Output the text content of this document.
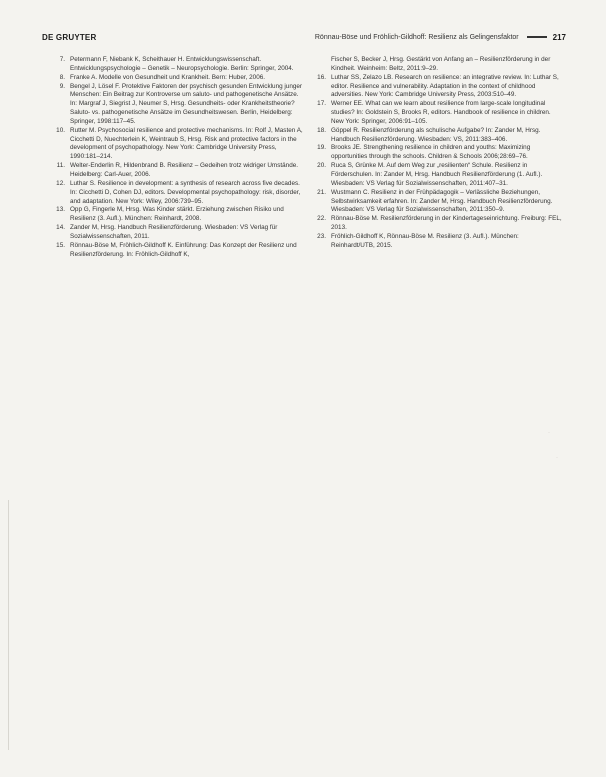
DE GRUYTER	Rönnau-Böse und Fröhlich-Gildhoff: Resilienz als Gelingensfaktor	217
7. Petermann F, Niebank K, Scheithauer H. Entwicklungswissenschaft. Entwicklungspsychologie – Genetik – Neuropsychologie. Berlin: Springer, 2004.
8. Franke A. Modelle von Gesundheit und Krankheit. Bern: Huber, 2006.
9. Bengel J, Lösel F. Protektive Faktoren der psychisch gesunden Entwicklung junger Menschen: Ein Beitrag zur Kontroverse um saluto- und pathogenetische Ansätze. In: Margraf J, Siegrist J, Neumer S, Hrsg. Gesundheits- oder Krankheitstheorie? Saluto- vs. pathogenetische Ansätze im Gesundheitswesen. Berlin, Heidelberg: Springer, 1998:117–45.
10. Rutter M. Psychosocial resilience and protective mechanisms. In: Rolf J, Masten A, Cicchetti D, Nuechterlein K, Weintraub S, Hrsg. Risk and protective factors in the development of psychopathology. New York: Cambridge University Press, 1990:181–214.
11. Welter-Enderlin R, Hildenbrand B. Resilienz – Gedeihen trotz widriger Umstände. Heidelberg: Carl-Auer, 2006.
12. Luthar S. Resilience in development: a synthesis of research across five decades. In: Cicchetti D, Cohen DJ, editors. Developmental psychopathology: risk, disorder, and adaptation. New York: Wiley, 2006:739–95.
13. Opp G, Fingerle M, Hrsg. Was Kinder stärkt. Erziehung zwischen Risiko und Resilienz (3. Aufl.). München: Reinhardt, 2008.
14. Zander M, Hrsg. Handbuch Resilienzförderung. Wiesbaden: VS Verlag für Sozialwissenschaften, 2011.
15. Rönnau-Böse M, Fröhlich-Gildhoff K. Einführung: Das Konzept der Resilienz und Resilienzförderung. In: Fröhlich-Gildhoff K,
Fischer S, Becker J, Hrsg. Gestärkt von Anfang an – Resilienzförderung in der Kindheit. Weinheim: Beltz, 2011:9–29.
16. Luthar SS, Zelazo LB. Research on resilience: an integrative review. In: Luthar S, editor. Resilience and vulnerability. Adaptation in the context of childhood adversities. New York: Cambridge University Press, 2003:510–49.
17. Werner EE. What can we learn about resilience from large-scale longitudinal studies? In: Goldstein S, Brooks R, editors. Handbook of resilience in children. New York: Springer, 2006:91–105.
18. Göppel R. Resilienzförderung als schulische Aufgabe? In: Zander M, Hrsg. Handbuch Resilienzförderung. Wiesbaden: VS, 2011:383–406.
19. Brooks JE. Strengthening resilience in children and youths: Maximizing opportunities through the schools. Children & Schools 2006;28:69–76.
20. Ruca S, Grünke M. Auf dem Weg zur „resilienten“ Schule. Resilienz in Förderschulen. In: Zander M, Hrsg. Handbuch Resilienzförderung (1. Aufl.). Wiesbaden: VS Verlag für Sozialwissenschaften, 2011:407–31.
21. Wustmann C. Resilienz in der Frühpädagogik – Verlässliche Beziehungen, Selbstwirksamkeit erfahren. In: Zander M, Hrsg. Handbuch Resilienzförderung. Wiesbaden: VS Verlag für Sozialwissenschaften, 2011:350–9.
22. Rönnau-Böse M. Resilienzförderung in der Kindertageseinrichtung. Freiburg: FEL, 2013.
23. Fröhlich-Gildhoff K, Rönnau-Böse M. Resilienz (3. Aufl.). München: Reinhardt/UTB, 2015.
·
·
